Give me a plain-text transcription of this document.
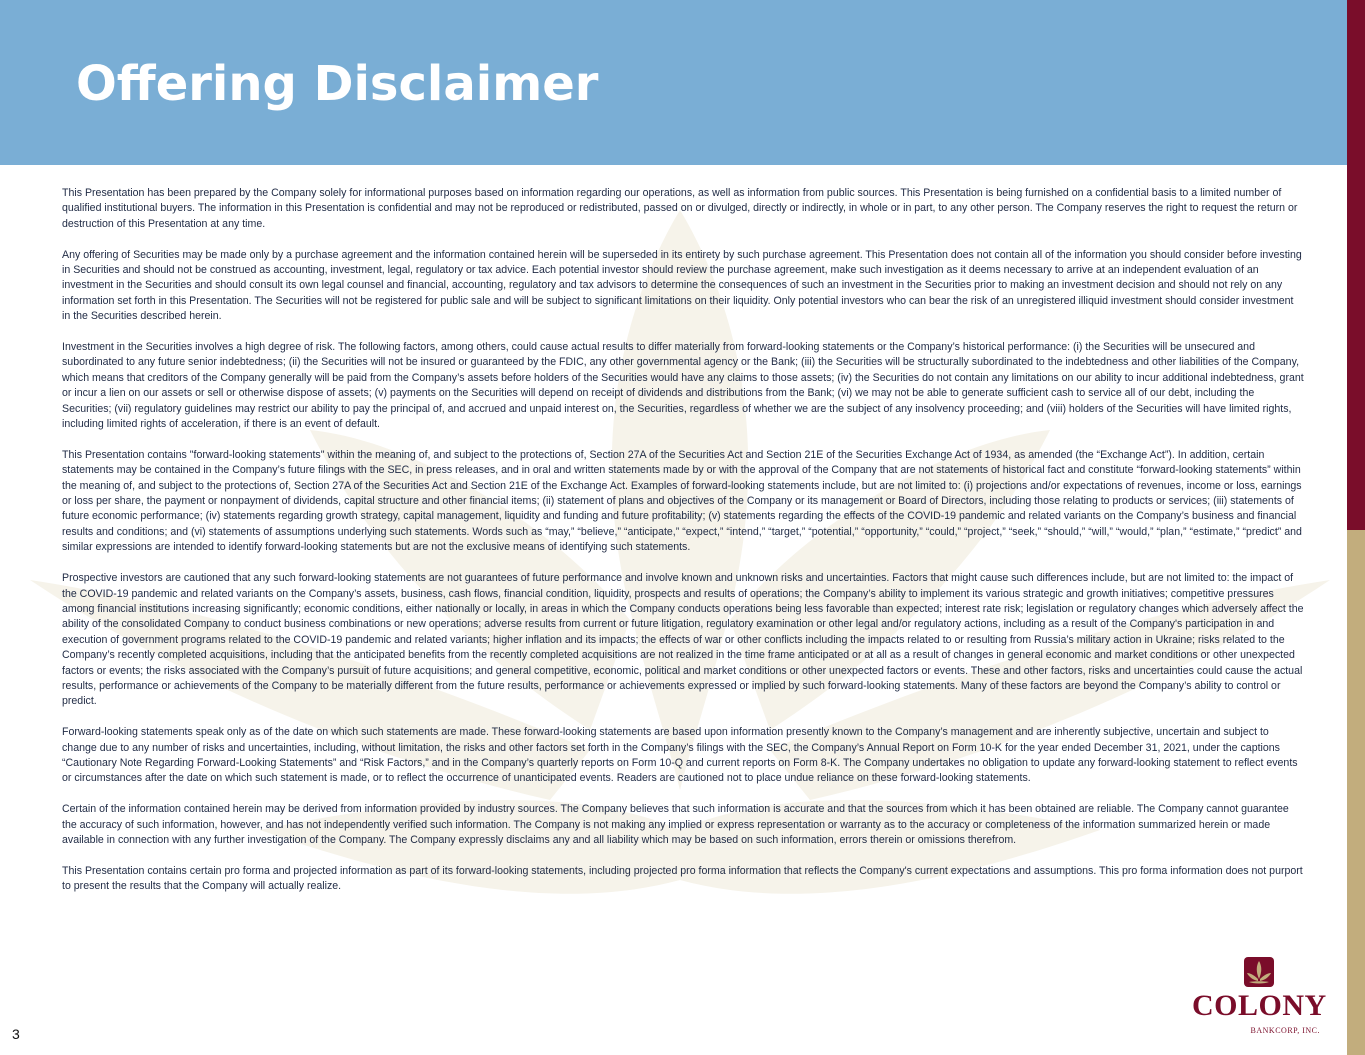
Offering Disclaimer

This Presentation has been prepared by the Company solely for informational purposes based on information regarding our operations, as well as information from public sources. This Presentation is being furnished on a confidential basis to a limited number of qualified institutional buyers. The information in this Presentation is confidential and may not be reproduced or redistributed, passed on or divulged, directly or indirectly, in whole or in part, to any other person. The Company reserves the right to request the return or destruction of this Presentation at any time.

Any offering of Securities may be made only by a purchase agreement and the information contained herein will be superseded in its entirety by such purchase agreement. This Presentation does not contain all of the information you should consider before investing in Securities and should not be construed as accounting, investment, legal, regulatory or tax advice. Each potential investor should review the purchase agreement, make such investigation as it deems necessary to arrive at an independent evaluation of an investment in the Securities and should consult its own legal counsel and financial, accounting, regulatory and tax advisors to determine the consequences of such an investment in the Securities prior to making an investment decision and should not rely on any information set forth in this Presentation. The Securities will not be registered for public sale and will be subject to significant limitations on their liquidity. Only potential investors who can bear the risk of an unregistered illiquid investment should consider investment in the Securities described herein.

Investment in the Securities involves a high degree of risk. The following factors, among others, could cause actual results to differ materially from forward-looking statements or the Company’s historical performance: (i) the Securities will be unsecured and subordinated to any future senior indebtedness; (ii) the Securities will not be insured or guaranteed by the FDIC, any other governmental agency or the Bank; (iii) the Securities will be structurally subordinated to the indebtedness and other liabilities of the Company, which means that creditors of the Company generally will be paid from the Company’s assets before holders of the Securities would have any claims to those assets; (iv) the Securities do not contain any limitations on our ability to incur additional indebtedness, grant or incur a lien on our assets or sell or otherwise dispose of assets; (v) payments on the Securities will depend on receipt of dividends and distributions from the Bank; (vi) we may not be able to generate sufficient cash to service all of our debt, including the Securities; (vii) regulatory guidelines may restrict our ability to pay the principal of, and accrued and unpaid interest on, the Securities, regardless of whether we are the subject of any insolvency proceeding; and (viii) holders of the Securities will have limited rights, including limited rights of acceleration, if there is an event of default.

This Presentation contains "forward-looking statements" within the meaning of, and subject to the protections of, Section 27A of the Securities Act and Section 21E of the Securities Exchange Act of 1934, as amended (the “Exchange Act”). In addition, certain statements may be contained in the Company’s future filings with the SEC, in press releases, and in oral and written statements made by or with the approval of the Company that are not statements of historical fact and constitute “forward-looking statements” within the meaning of, and subject to the protections of, Section 27A of the Securities Act and Section 21E of the Exchange Act. Examples of forward-looking statements include, but are not limited to: (i) projections and/or expectations of revenues, income or loss, earnings or loss per share, the payment or nonpayment of dividends, capital structure and other financial items; (ii) statement of plans and objectives of the Company or its management or Board of Directors, including those relating to products or services; (iii) statements of future economic performance; (iv) statements regarding growth strategy, capital management, liquidity and funding and future profitability; (v) statements regarding the effects of the COVID-19 pandemic and related variants on the Company’s business and financial results and conditions; and (vi) statements of assumptions underlying such statements. Words such as “may,” “believe,” “anticipate,” “expect,” “intend,” “target,” “potential,” “opportunity,” “could,” “project,” “seek,” “should,” “will,” “would,” “plan,” “estimate,” “predict” and similar expressions are intended to identify forward-looking statements but are not the exclusive means of identifying such statements.

Prospective investors are cautioned that any such forward-looking statements are not guarantees of future performance and involve known and unknown risks and uncertainties. Factors that might cause such differences include, but are not limited to: the impact of the COVID-19 pandemic and related variants on the Company’s assets, business, cash flows, financial condition, liquidity, prospects and results of operations; the Company’s ability to implement its various strategic and growth initiatives; competitive pressures among financial institutions increasing significantly; economic conditions, either nationally or locally, in areas in which the Company conducts operations being less favorable than expected; interest rate risk; legislation or regulatory changes which adversely affect the ability of the consolidated Company to conduct business combinations or new operations; adverse results from current or future litigation, regulatory examination or other legal and/or regulatory actions, including as a result of the Company's participation in and execution of government programs related to the COVID-19 pandemic and related variants; higher inflation and its impacts; the effects of war or other conflicts including the impacts related to or resulting from Russia’s military action in Ukraine; risks related to the Company’s recently completed acquisitions, including that the anticipated benefits from the recently completed acquisitions are not realized in the time frame anticipated or at all as a result of changes in general economic and market conditions or other unexpected factors or events; the risks associated with the Company’s pursuit of future acquisitions; and general competitive, economic, political and market conditions or other unexpected factors or events. These and other factors, risks and uncertainties could cause the actual results, performance or achievements of the Company to be materially different from the future results, performance or achievements expressed or implied by such forward-looking statements. Many of these factors are beyond the Company’s ability to control or predict.

Forward-looking statements speak only as of the date on which such statements are made. These forward-looking statements are based upon information presently known to the Company’s management and are inherently subjective, uncertain and subject to change due to any number of risks and uncertainties, including, without limitation, the risks and other factors set forth in the Company’s filings with the SEC, the Company’s Annual Report on Form 10-K for the year ended December 31, 2021, under the captions “Cautionary Note Regarding Forward-Looking Statements” and “Risk Factors,” and in the Company’s quarterly reports on Form 10-Q and current reports on Form 8-K. The Company undertakes no obligation to update any forward-looking statement to reflect events or circumstances after the date on which such statement is made, or to reflect the occurrence of unanticipated events. Readers are cautioned not to place undue reliance on these forward-looking statements.

Certain of the information contained herein may be derived from information provided by industry sources. The Company believes that such information is accurate and that the sources from which it has been obtained are reliable. The Company cannot guarantee the accuracy of such information, however, and has not independently verified such information. The Company is not making any implied or express representation or warranty as to the accuracy or completeness of the information summarized herein or made available in connection with any further investigation of the Company. The Company expressly disclaims any and all liability which may be based on such information, errors therein or omissions therefrom.

This Presentation contains certain pro forma and projected information as part of its forward-looking statements, including projected pro forma information that reflects the Company's current expectations and assumptions. This pro forma information does not purport to present the results that the Company will actually realize.

3
COLONY
BANKCORP, INC.
